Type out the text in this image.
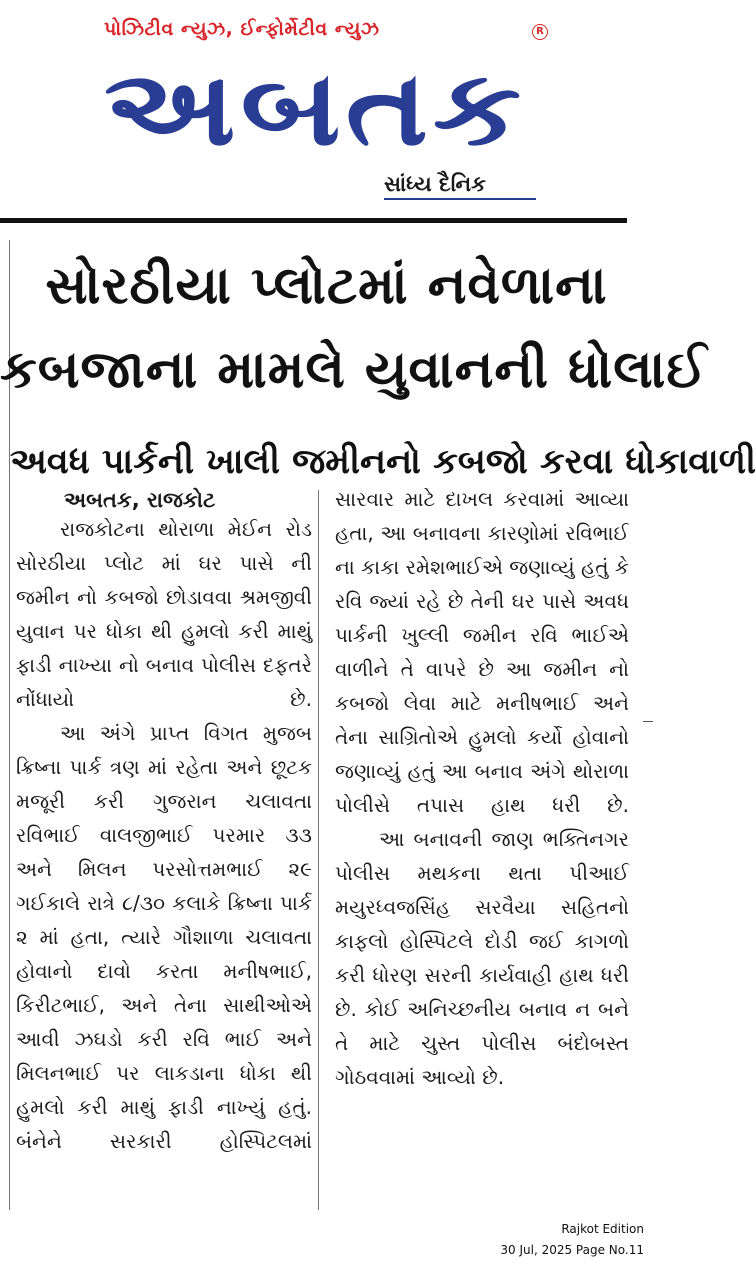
પોઝિટીવ ન્યુઝ, ઈન્ફોર્મેટીવ ન્યુઝ	R
અબતક
સાંધ્ય દૈનિક
સોરઠીયા પ્લોટમાં નવેળાના
કબજાના મામલે યુવાનની ધોલાઈ
અવધ પાર્કની ખાલી જમીનનો કબજો કરવા ધોકાવાળી
અબતક, રાજકોટ

રાજકોટના થોરાળા મેઈન રોડ સોરઠીયા પ્લોટ માં ઘર પાસે ની જમીન નો કબજો છોડાવવા શ્રમજીવી યુવાન પર ધોકા થી હુમલો કરી માથું ફાડી નાખ્યા નો બનાવ પોલીસ દફતરે નોંધાયો છે.

આ અંગે પ્રાપ્ત વિગત મુજબ ક્રિષ્ના પાર્ક ત્રણ માં રહેતા અને છૂટક મજૂરી કરી ગુજરાન ચલાવતા રવિભાઈ વાલજીભાઈ પરમાર ૩૩ અને મિલન પરસોત્તમભાઈ ૨૯ ગઈકાલે રાત્રે ૮/૩૦ કલાકે ક્રિષ્ના પાર્ક ૨ માં હતા, ત્યારે ગૌશાળા ચલાવતા હોવાનો દાવો કરતા મનીષભાઈ, કિરીટભાઈ, અને તેના સાથીઓએ આવી ઝઘડો કરી રવિ ભાઈ અને મિલનભાઈ પર લાકડાના ધોકા થી હુમલો કરી માથું ફાડી નાખ્યું હતું. બંનેને સરકારી હોસ્પિટલમાં

સારવાર માટે દાખલ કરવામાં આવ્યા હતા, આ બનાવના કારણોમાં રવિભાઈ ના કાકા રમેશભાઈએ જણાવ્યું હતું કે રવિ જ્યાં રહે છે તેની ઘર પાસે અવધ પાર્કની ખુલ્લી જમીન રવિ ભાઈએ વાળીને તે વાપરે છે આ જમીન નો કબજો લેવા માટે મનીષભાઈ અને તેના સાગ્રિતોએ હુમલો કર્યો હોવાનો જણાવ્યું હતું આ બનાવ અંગે થોરાળા પોલીસે તપાસ હાથ ધરી છે.

આ બનાવની જાણ ભક્તિનગર પોલીસ મથકના થતા પીઆઈ મયુરધ્વજસિંહ સરવૈયા સહિતનો કાફલો હોસ્પિટલે દોડી જઈ કાગળો કરી ધોરણ સરની કાર્યવાહી હાથ ધરી છે. કોઈ અનિચ્છનીય બનાવ ન બને તે માટે ચુસ્ત પોલીસ બંદોબસ્ત ગોઠવવામાં આવ્યો છે.

Rajkot Edition
30 Jul, 2025 Page No.11
